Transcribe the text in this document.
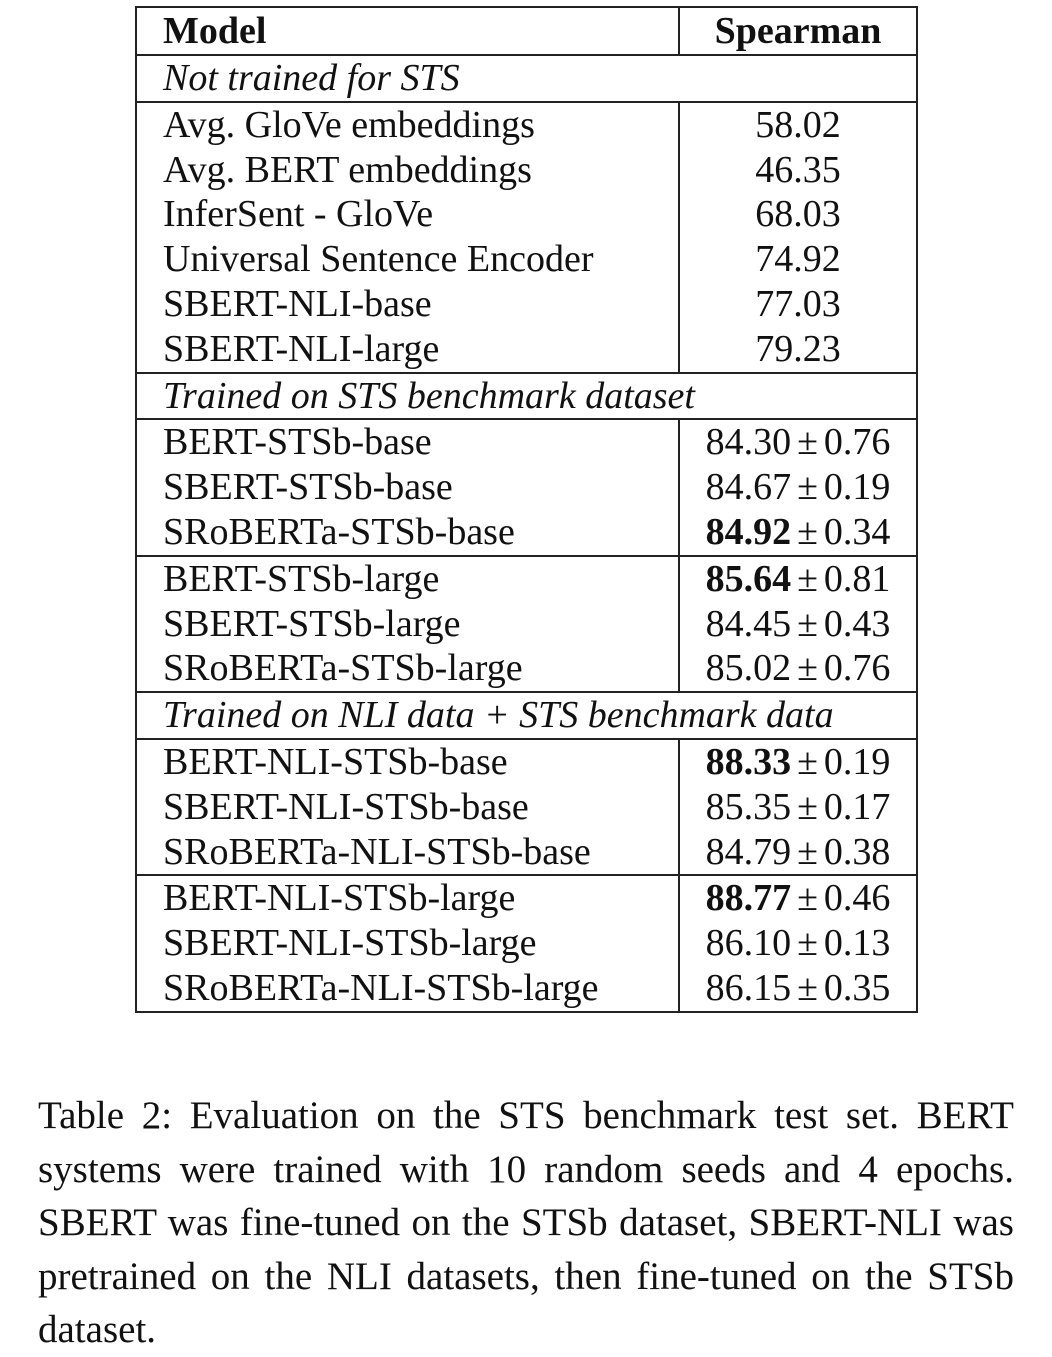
Model	Spearman
Not trained for STS	
Avg. GloVe embeddings	58.02
Avg. BERT embeddings	46.35
InferSent - GloVe	68.03
Universal Sentence Encoder	74.92
SBERT-NLI-base	77.03
SBERT-NLI-large	79.23
Trained on STS benchmark dataset	
BERT-STSb-base	84.30 ± 0.76
SBERT-STSb-base	84.67 ± 0.19
SRoBERTa-STSb-base	84.92 ± 0.34
BERT-STSb-large	85.64 ± 0.81
SBERT-STSb-large	84.45 ± 0.43
SRoBERTa-STSb-large	85.02 ± 0.76
Trained on NLI data + STS benchmark data	
BERT-NLI-STSb-base	88.33 ± 0.19
SBERT-NLI-STSb-base	85.35 ± 0.17
SRoBERTa-NLI-STSb-base	84.79 ± 0.38
BERT-NLI-STSb-large	88.77 ± 0.46
SBERT-NLI-STSb-large	86.10 ± 0.13
SRoBERTa-NLI-STSb-large	86.15 ± 0.35

Table 2: Evaluation on the STS benchmark test set. BERT systems were trained with 10 random seeds and 4 epochs. SBERT was fine-tuned on the STSb dataset, SBERT-NLI was pretrained on the NLI datasets, then fine-tuned on the STSb dataset.
